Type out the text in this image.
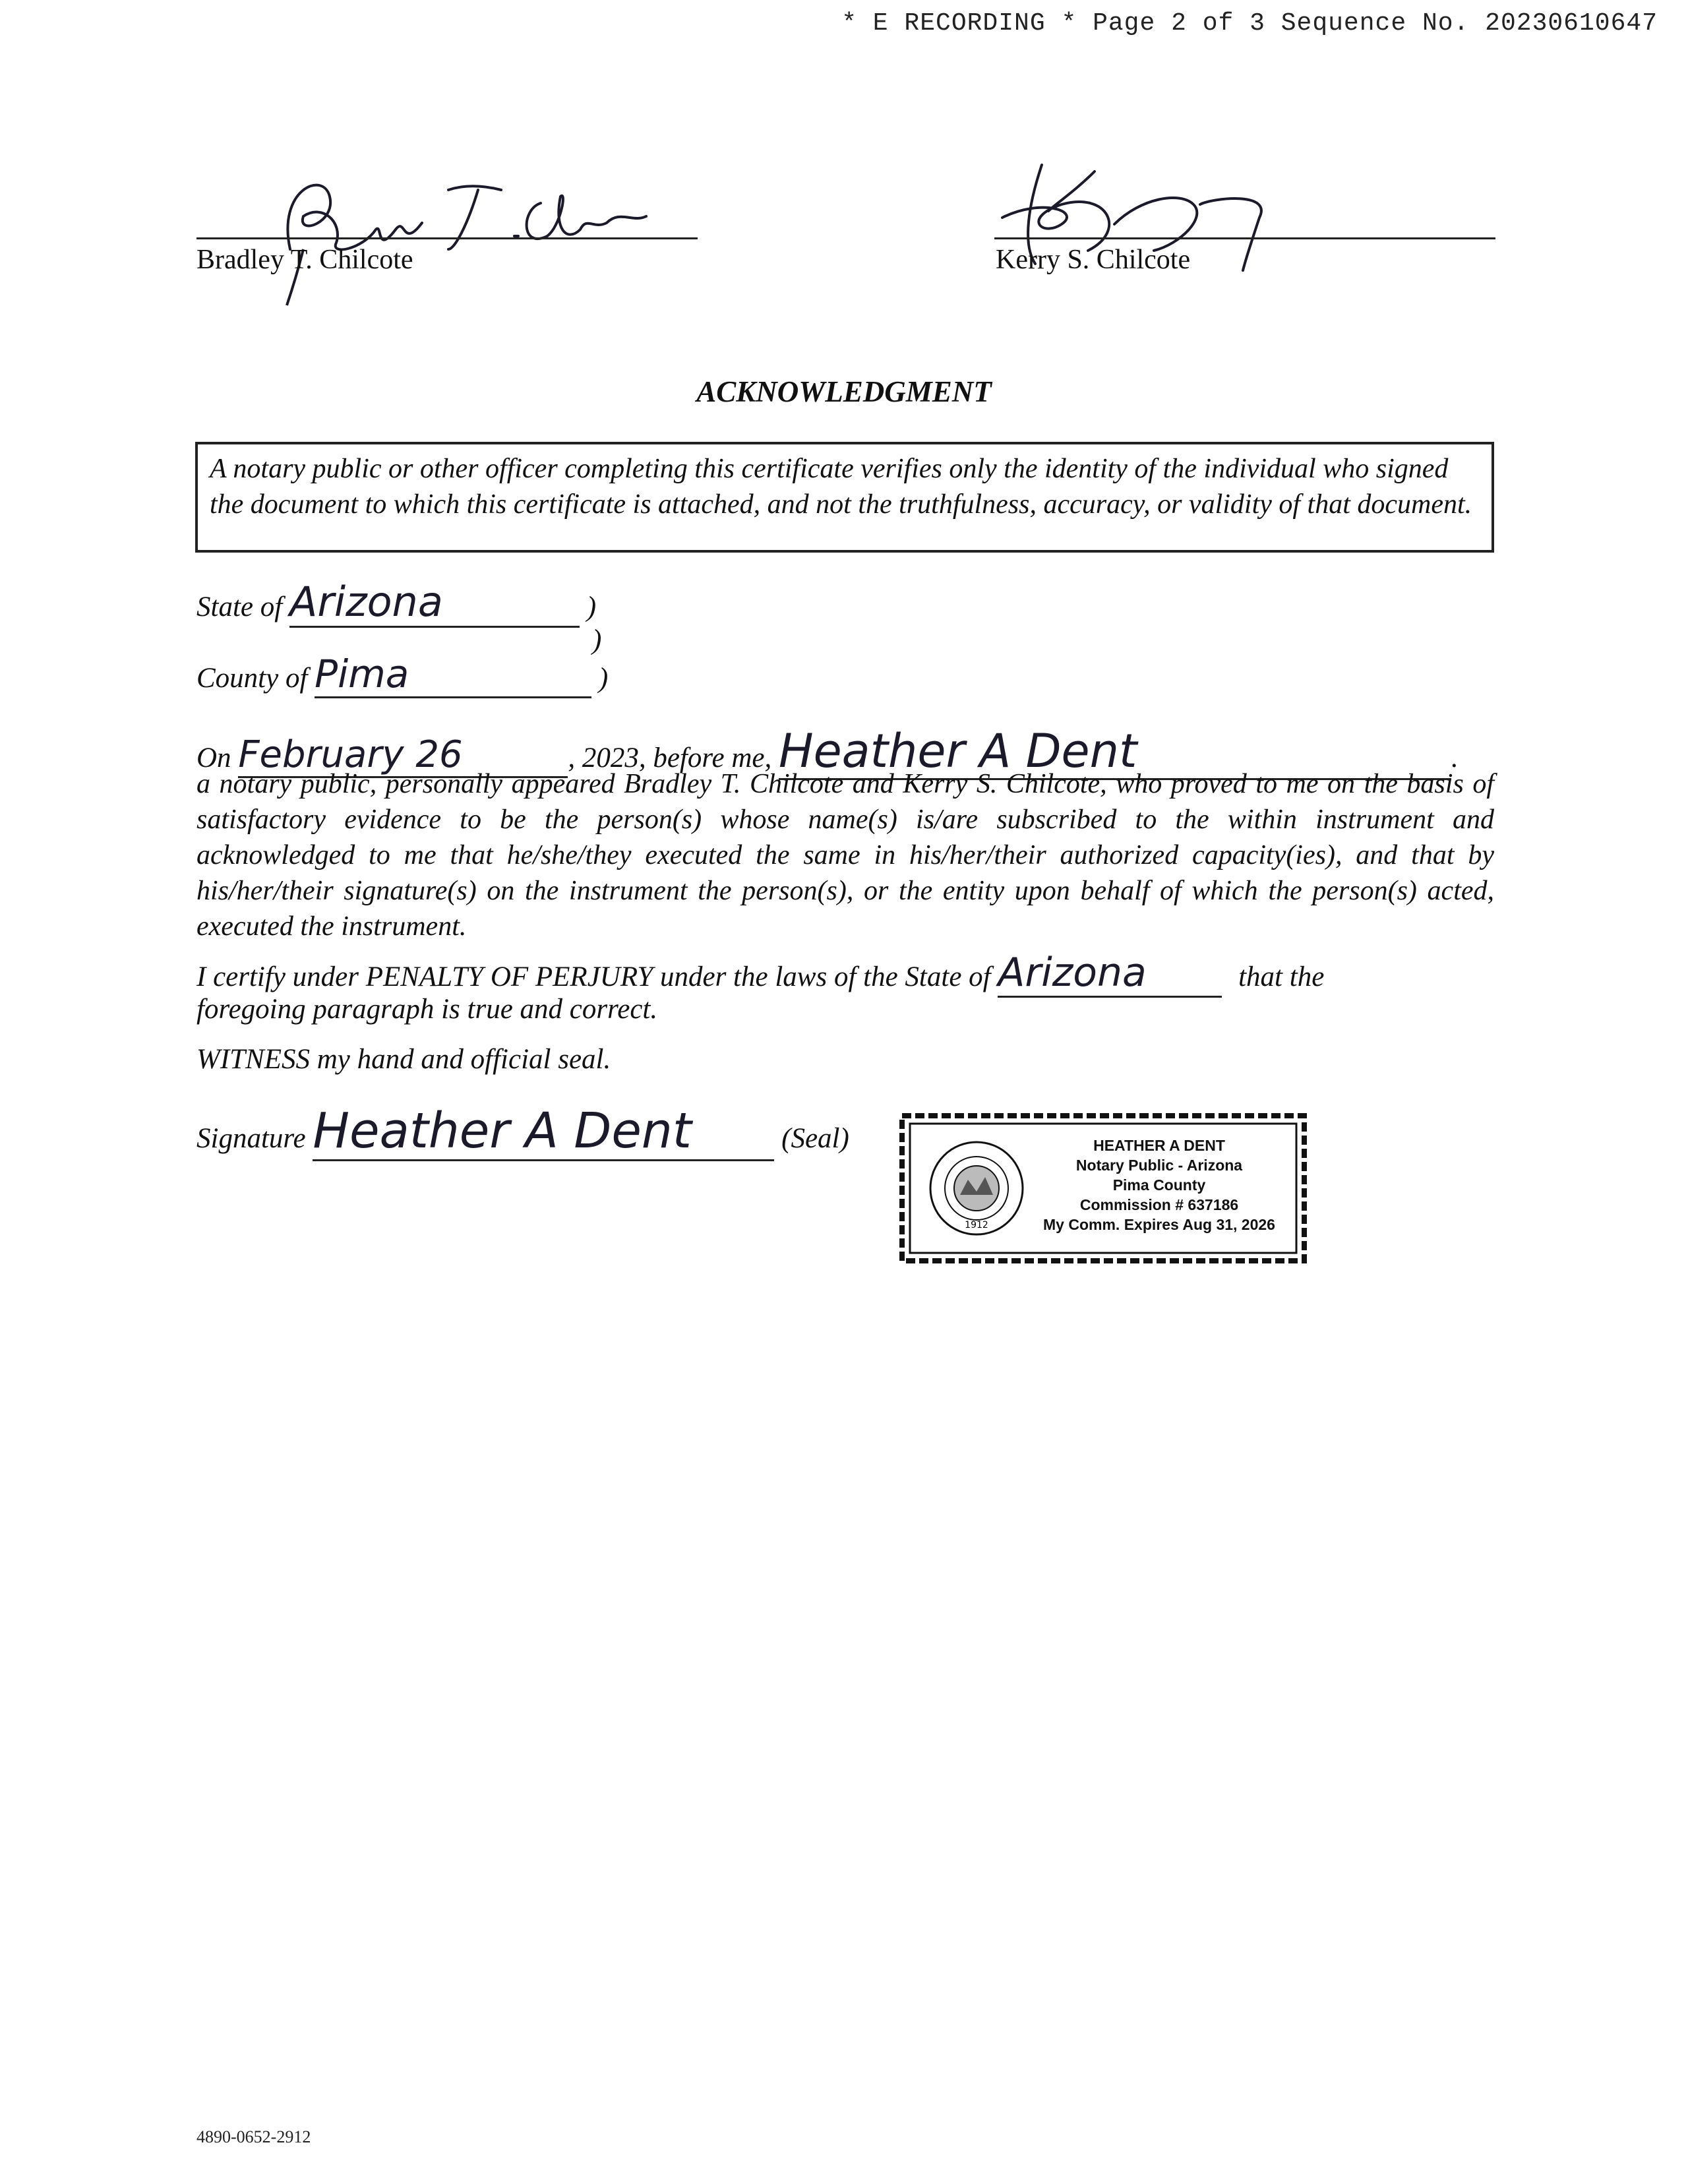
* E RECORDING * Page 2 of 3 Sequence No. 20230610647
Bradley T. Chilcote	Kerry S. Chilcote
ACKNOWLEDGMENT
A notary public or other officer completing this certificate verifies only the identity of the individual who signed the document to which this certificate is attached, and not the truthfulness, accuracy, or validity of that document.
State of Arizona	)
)
County of Pima	)
On February 26	, 2023, before me, Heather A Dent	.
a notary public, personally appeared Bradley T. Chilcote and Kerry S. Chilcote, who proved to me on the basis of satisfactory evidence to be the person(s) whose name(s) is/are subscribed to the within instrument and acknowledged to me that he/she/they executed the same in his/her/their authorized capacity(ies), and that by his/her/their signature(s) on the instrument the person(s), or the entity upon behalf of which the person(s) acted, executed the instrument.
I certify under PENALTY OF PERJURY under the laws of the State of Arizona	that the
foregoing paragraph is true and correct.
WITNESS my hand and official seal.
Signature Heather A Dent	(Seal)
1912
HEATHER A DENT
Notary Public - Arizona
Pima County
Commission # 637186
My Comm. Expires Aug 31, 2026
4890-0652-2912
